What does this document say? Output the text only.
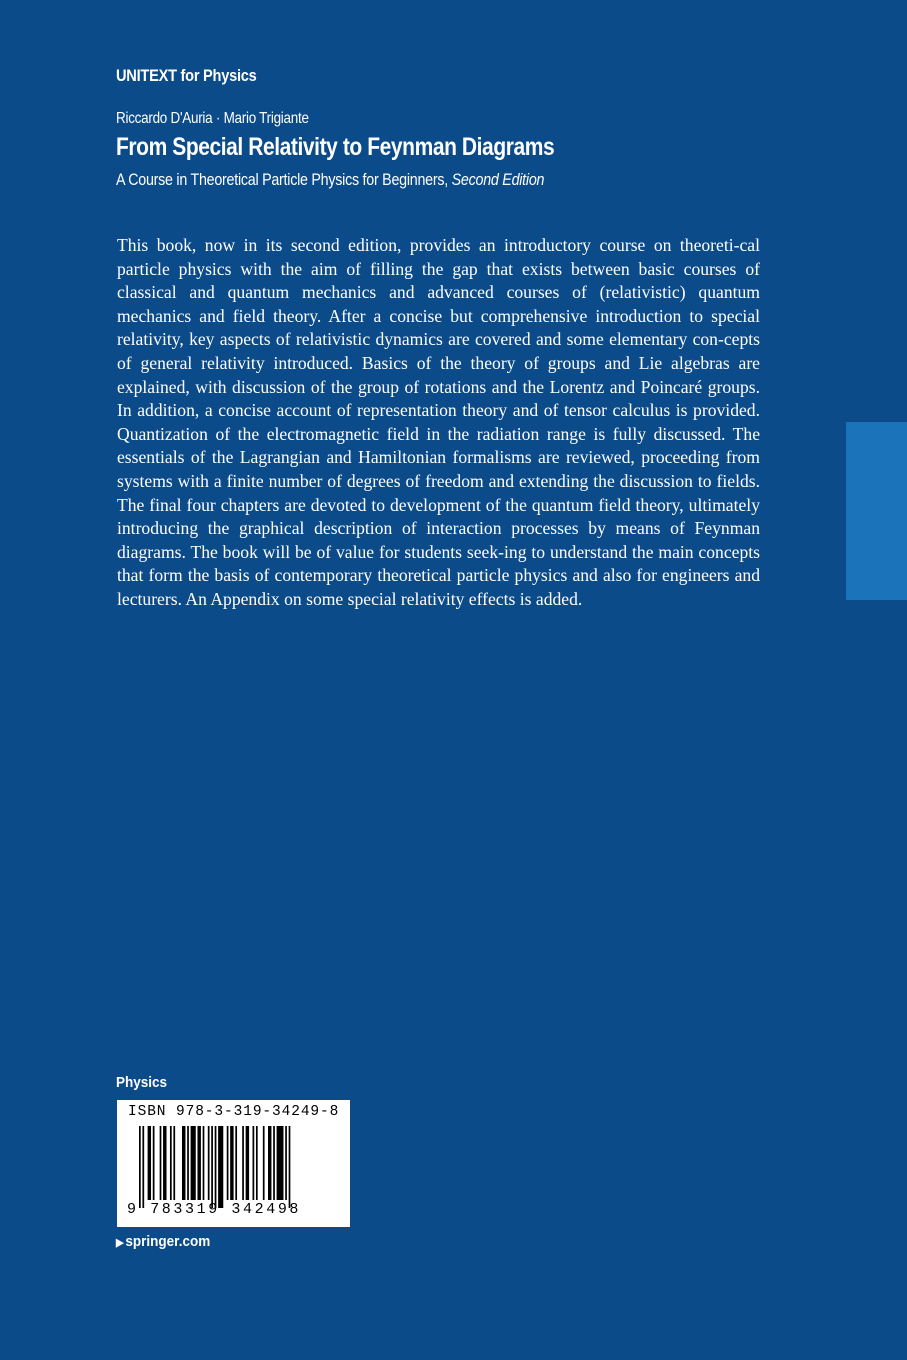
UNITEXT for Physics
Riccardo D'Auria · Mario Trigiante
From Special Relativity to Feynman Diagrams
A Course in Theoretical Particle Physics for Beginners, Second Edition

This book, now in its second edition, provides an introductory course on theoreti-cal particle physics with the aim of filling the gap that exists between basic courses of classical and quantum mechanics and advanced courses of (relativistic) quantum mechanics and field theory. After a concise but comprehensive introduction to special relativity, key aspects of relativistic dynamics are covered and some elementary con-cepts of general relativity introduced. Basics of the theory of groups and Lie algebras are explained, with discussion of the group of rotations and the Lorentz and Poincaré groups. In addition, a concise account of representation theory and of tensor calculus is provided. Quantization of the electromagnetic field in the radiation range is fully discussed. The essentials of the Lagrangian and Hamiltonian formalisms are reviewed, proceeding from systems with a finite number of degrees of freedom and extending the discussion to fields. The final four chapters are devoted to development of the quantum field theory, ultimately introducing the graphical description of interaction processes by means of Feynman diagrams. The book will be of value for students seek-ing to understand the main concepts that form the basis of contemporary theoretical particle physics and also for engineers and lecturers. An Appendix on some special relativity effects is added.

Physics
ISBN 978-3-319-34249-8
9 783319 342498
▶ springer.com
